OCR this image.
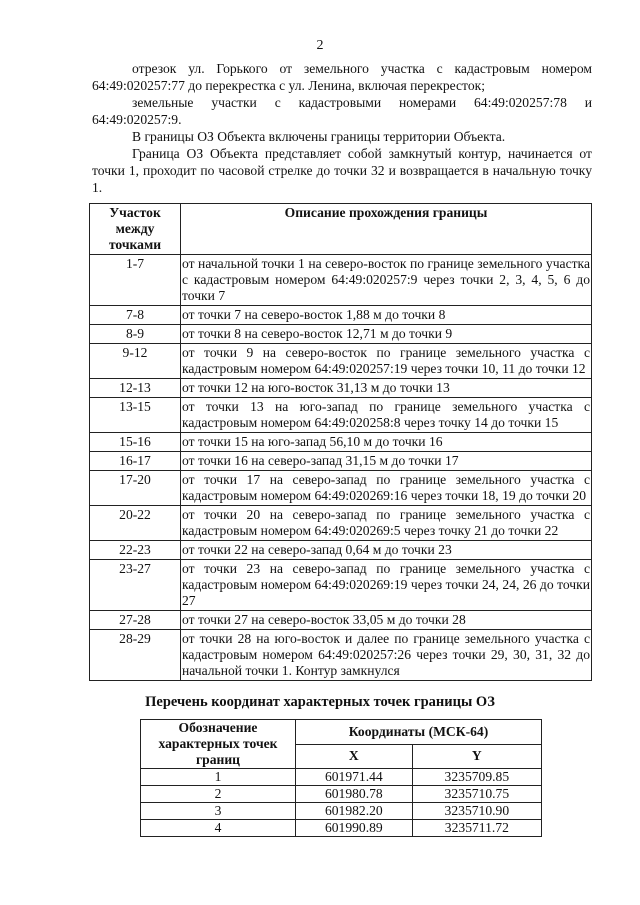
2

отрезок ул. Горького от земельного участка с кадастровым номером 64:49:020257:77 до перекрестка с ул. Ленина, включая перекресток;

земельные участки с кадастровыми номерами 64:49:020257:78 и 64:49:020257:9.

В границы ОЗ Объекта включены границы территории Объекта.

Граница ОЗ Объекта представляет собой замкнутый контур, начинается от точки 1, проходит по часовой стрелке до точки 32 и возвращается в начальную точку 1.

Участок между точками	Описание прохождения границы
1-7	от начальной точки 1 на северо-восток по границе земельного участка с кадастровым номером 64:49:020257:9 через точки 2, 3, 4, 5, 6 до точки 7
7-8	от точки 7 на северо-восток 1,88 м до точки 8
8-9	от точки 8 на северо-восток 12,71 м до точки 9
9-12	от точки 9 на северо-восток по границе земельного участка с кадастровым номером 64:49:020257:19 через точки 10, 11 до точки 12
12-13	от точки 12 на юго-восток 31,13 м до точки 13
13-15	от точки 13 на юго-запад по границе земельного участка с кадастровым номером 64:49:020258:8 через точку 14 до точки 15
15-16	от точки 15 на юго-запад 56,10 м до точки 16
16-17	от точки 16 на северо-запад 31,15 м до точки 17
17-20	от точки 17 на северо-запад по границе земельного участка с кадастровым номером 64:49:020269:16 через точки 18, 19 до точки 20
20-22	от точки 20 на северо-запад по границе земельного участка с кадастровым номером 64:49:020269:5 через точку 21 до точки 22
22-23	от точки 22 на северо-запад 0,64 м до точки 23
23-27	от точки 23 на северо-запад по границе земельного участка с кадастровым номером 64:49:020269:19 через точки 24, 24, 26 до точки 27
27-28	от точки 27 на северо-восток 33,05 м до точки 28
28-29	от точки 28 на юго-восток и далее по границе земельного участка с кадастровым номером 64:49:020257:26 через точки 29, 30, 31, 32 до начальной точки 1. Контур замкнулся
Перечень координат характерных точек границы ОЗ
Обозначение характерных точек границ	Координаты (МСК-64)	
	X	Y
1	601971.44	3235709.85
2	601980.78	3235710.75
3	601982.20	3235710.90
4	601990.89	3235711.72
